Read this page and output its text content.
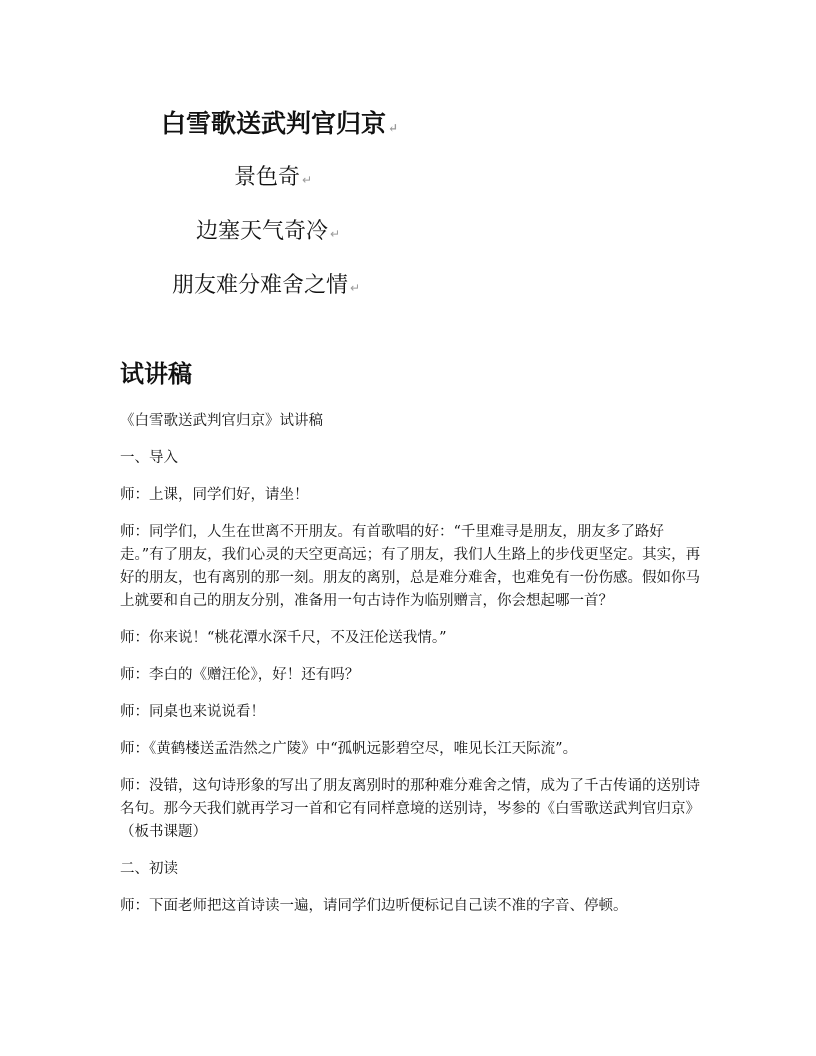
白雪歌送武判官归京 ↵
景色奇 ↵
边塞天气奇冷 ↵
朋友难分难舍之情 ↵
试讲稿

《白雪歌送武判官归京》试讲稿

一、导入

师：上课，同学们好，请坐！

师：同学们，人生在世离不开朋友。有首歌唱的好：“千里难寻是朋友，朋友多了路好走。”有了朋友，我们心灵的天空更高远；有了朋友，我们人生路上的步伐更坚定。其实，再好的朋友，也有离别的那一刻。朋友的离别，总是难分难舍，也难免有一份伤感。假如你马上就要和自己的朋友分别，准备用一句古诗作为临别赠言，你会想起哪一首？

师：你来说！“桃花潭水深千尺，不及汪伦送我情。”

师：李白的《赠汪伦》，好！还有吗？

师：同桌也来说说看！

师：《黄鹤楼送孟浩然之广陵》中“孤帆远影碧空尽，唯见长江天际流”。

师：没错，这句诗形象的写出了朋友离别时的那种难分难舍之情，成为了千古传诵的送别诗名句。那今天我们就再学习一首和它有同样意境的送别诗，岑参的《白雪歌送武判官归京》（板书课题）

二、初读

师：下面老师把这首诗读一遍，请同学们边听便标记自己读不准的字音、停顿。
